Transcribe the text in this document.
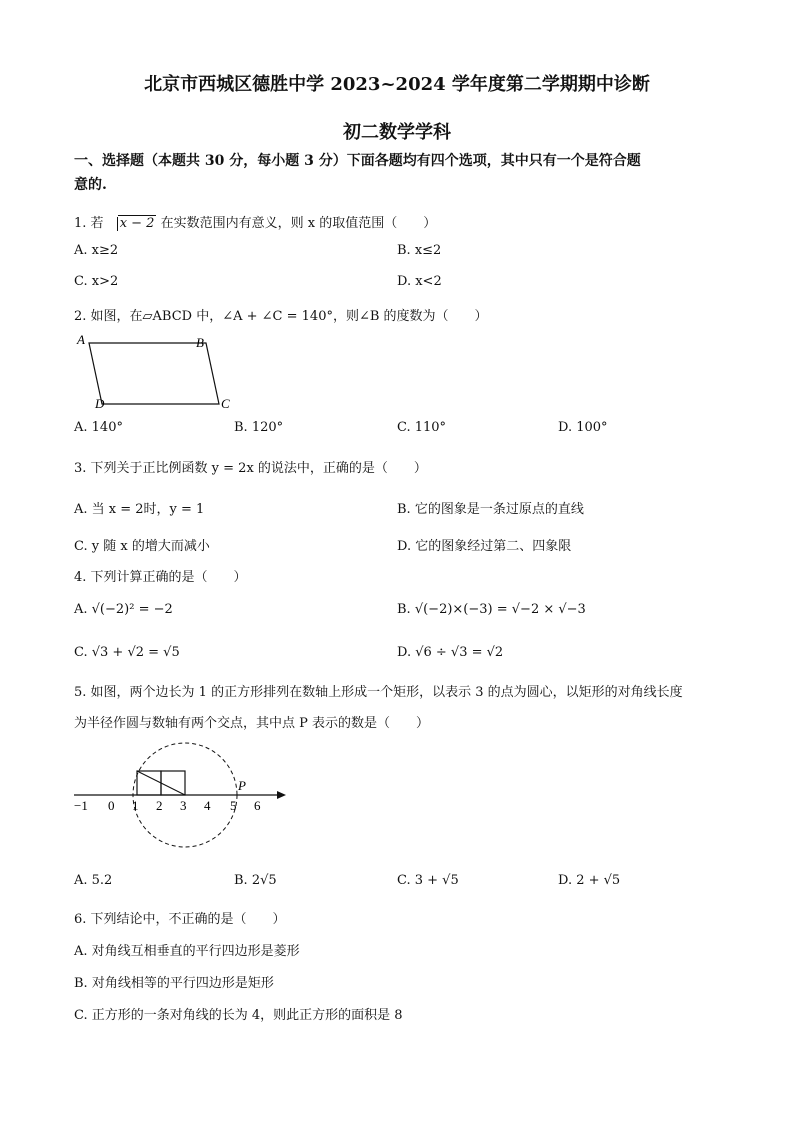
北京市西城区德胜中学 2023~2024 学年度第二学期期中诊断
初二数学学科
一、选择题（本题共 30 分，每小题 3 分）下面各题均有四个选项，其中只有一个是符合题
意的.
1. 若 x − 2 在实数范围内有意义，则 x 的取值范围（　　）
A. x≥2	B. x≤2
C. x>2	D. x<2
2. 如图，在▱ABCD 中，∠A + ∠C = 140°，则∠B 的度数为（　　）
A	B
C
D
A. 140°	B. 120°	C. 110°	D. 100°
3. 下列关于正比例函数 y = 2x 的说法中，正确的是（　　）
A. 当 x = 2时，y = 1	B. 它的图象是一条过原点的直线
C. y 随 x 的增大而减小	D. 它的图象经过第二、四象限
4. 下列计算正确的是（　　）
A. √(−2)² = −2	B. √(−2)×(−3) = √−2 × √−3
C. √3 + √2 = √5	D. √6 ÷ √3 = √2
5. 如图，两个边长为 1 的正方形排列在数轴上形成一个矩形，以表示 3 的点为圆心，以矩形的对角线长度
为半径作圆与数轴有两个交点，其中点 P 表示的数是（　　）
P
−1 0 1 2 3 4 5 6
A. 5.2	B. 2√5	C. 3 + √5	D. 2 + √5
6. 下列结论中，不正确的是（　　）
A. 对角线互相垂直的平行四边形是菱形
B. 对角线相等的平行四边形是矩形
C. 正方形的一条对角线的长为 4，则此正方形的面积是 8
